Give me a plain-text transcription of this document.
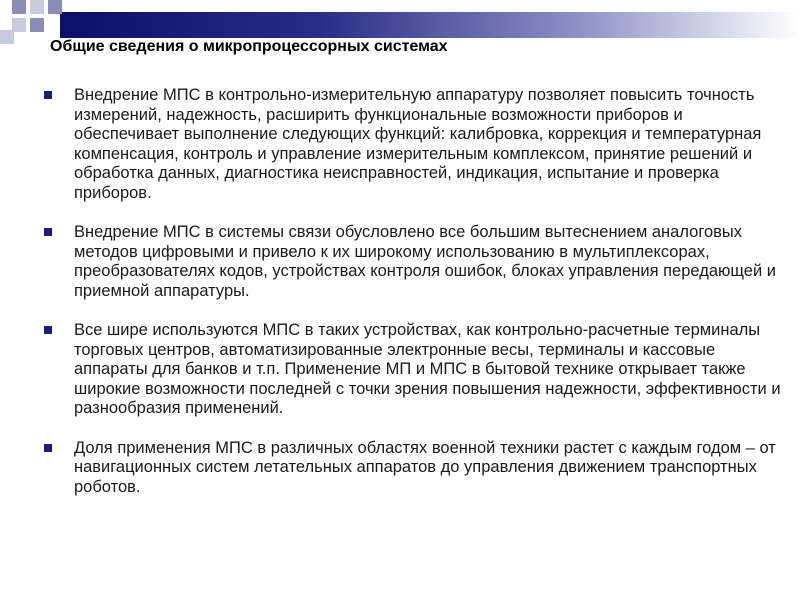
Общие сведения о микропроцессорных системах
Внедрение МПС в контрольно-измерительную аппаратуру позволяет повысить точность измерений, надежность, расширить функциональные возможности приборов и обеспечивает выполнение следующих функций: калибровка, коррекция и температурная компенсация, контроль и управление измерительным комплексом, принятие решений и обработка данных, диагностика неисправностей, индикация, испытание и проверка приборов.
Внедрение МПС в системы связи обусловлено все большим вытеснением аналоговых методов цифровыми и привело к их широкому использованию в мультиплексорах, преобразователях кодов, устройствах контроля ошибок, блоках управления передающей и приемной аппаратуры.
Все шире используются МПС в таких устройствах, как контрольно-расчетные терминалы торговых центров, автоматизированные электронные весы, терминалы и кассовые аппараты для банков и т.п. Применение МП и МПС в бытовой технике открывает также широкие возможности последней с точки зрения повышения надежности, эффективности и разнообразия применений.
Доля применения МПС в различных областях военной техники растет с каждым годом – от навигационных систем летательных аппаратов до управления движением транспортных роботов.
